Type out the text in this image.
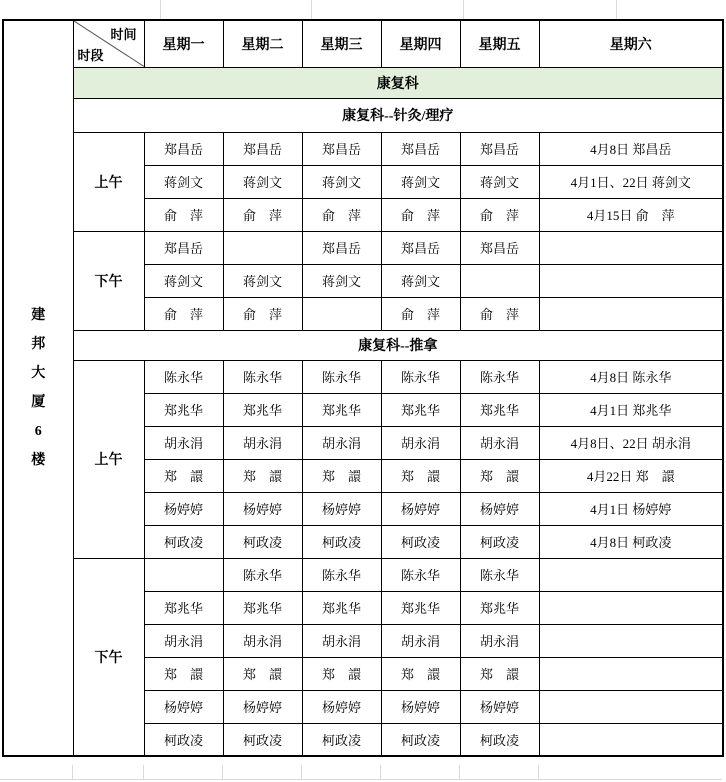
建
邦
大
厦
6
楼

时间
时段
	星期一	星期二	星期三	星期四	星期五	星期六
	康复科						
	康复科--针灸/理疗						
	上午	郑昌岳	郑昌岳	郑昌岳	郑昌岳	郑昌岳	4月8日 郑昌岳
		蒋剑文	蒋剑文	蒋剑文	蒋剑文	蒋剑文	4月1日、22日 蒋剑文
		俞　萍	俞　萍	俞　萍	俞　萍	俞　萍	4月15日 俞　萍
	下午	郑昌岳		郑昌岳	郑昌岳	郑昌岳	
		蒋剑文	蒋剑文	蒋剑文	蒋剑文		
		俞　萍	俞　萍		俞　萍	俞　萍	
	康复科--推拿						
	上午	陈永华	陈永华	陈永华	陈永华	陈永华	4月8日 陈永华
		郑兆华	郑兆华	郑兆华	郑兆华	郑兆华	4月1日 郑兆华
		胡永涓	胡永涓	胡永涓	胡永涓	胡永涓	4月8日、22日 胡永涓
		郑　譞	郑　譞	郑　譞	郑　譞	郑　譞	4月22日 郑　譞
		杨婷婷	杨婷婷	杨婷婷	杨婷婷	杨婷婷	4月1日 杨婷婷
		柯政凌	柯政凌	柯政凌	柯政凌	柯政凌	4月8日 柯政凌
	下午		陈永华	陈永华	陈永华	陈永华	
		郑兆华	郑兆华	郑兆华	郑兆华	郑兆华	
		胡永涓	胡永涓	胡永涓	胡永涓	胡永涓	
		郑　譞	郑　譞	郑　譞	郑　譞	郑　譞	
		杨婷婷	杨婷婷	杨婷婷	杨婷婷	杨婷婷	
		柯政凌	柯政凌	柯政凌	柯政凌	柯政凌	
